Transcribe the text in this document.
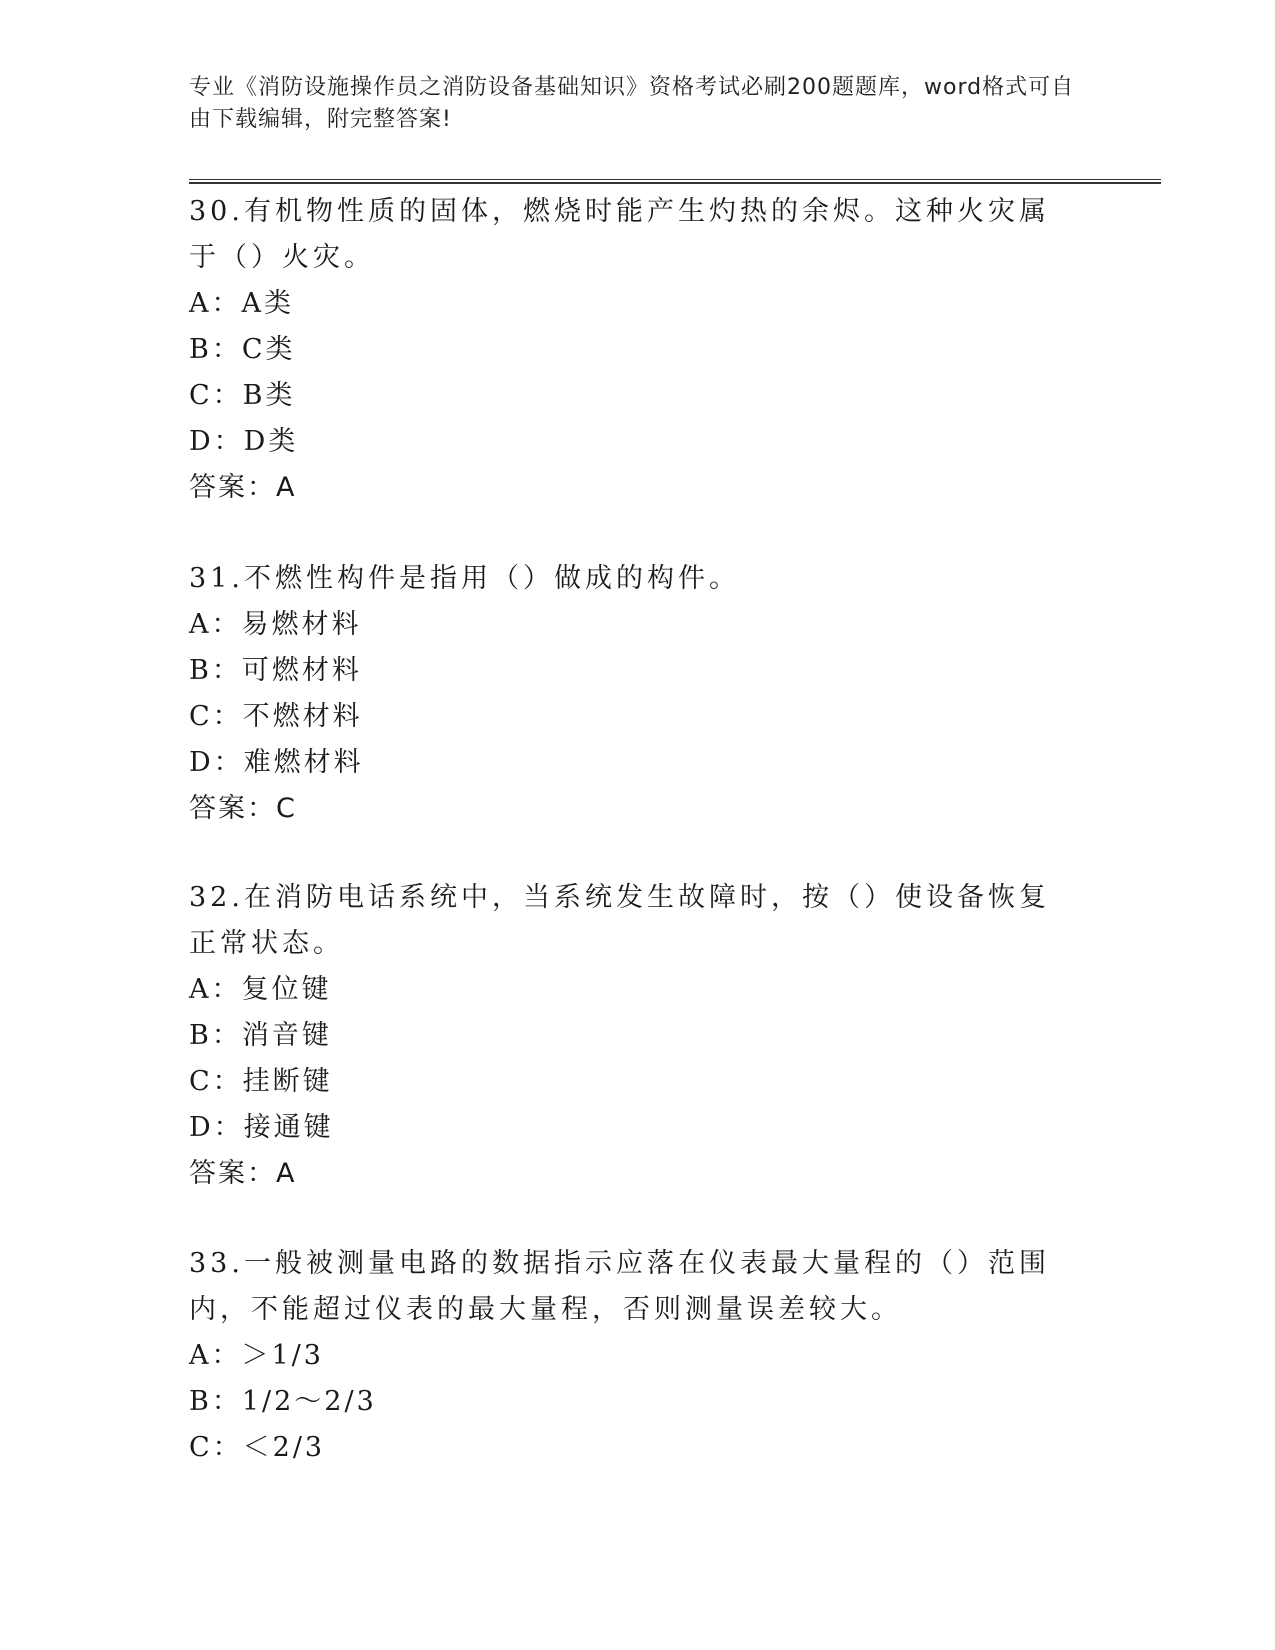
专业《消防设施操作员之消防设备基础知识》资格考试必刷200题题库，word格式可自由下载编辑，附完整答案!

30.有机物性质的固体，燃烧时能产生灼热的余烬。这种火灾属于（）火灾。

A：A类

B：C类

C：B类

D：D类

答案：A

31.不燃性构件是指用（）做成的构件。

A：易燃材料

B：可燃材料

C：不燃材料

D：难燃材料

答案：C

32.在消防电话系统中，当系统发生故障时，按（）使设备恢复正常状态。

A：复位键

B：消音键

C：挂断键

D：接通键

答案：A

33.一般被测量电路的数据指示应落在仪表最大量程的（）范围内，不能超过仪表的最大量程，否则测量误差较大。

A：＞1/3

B：1/2～2/3

C：＜2/3
